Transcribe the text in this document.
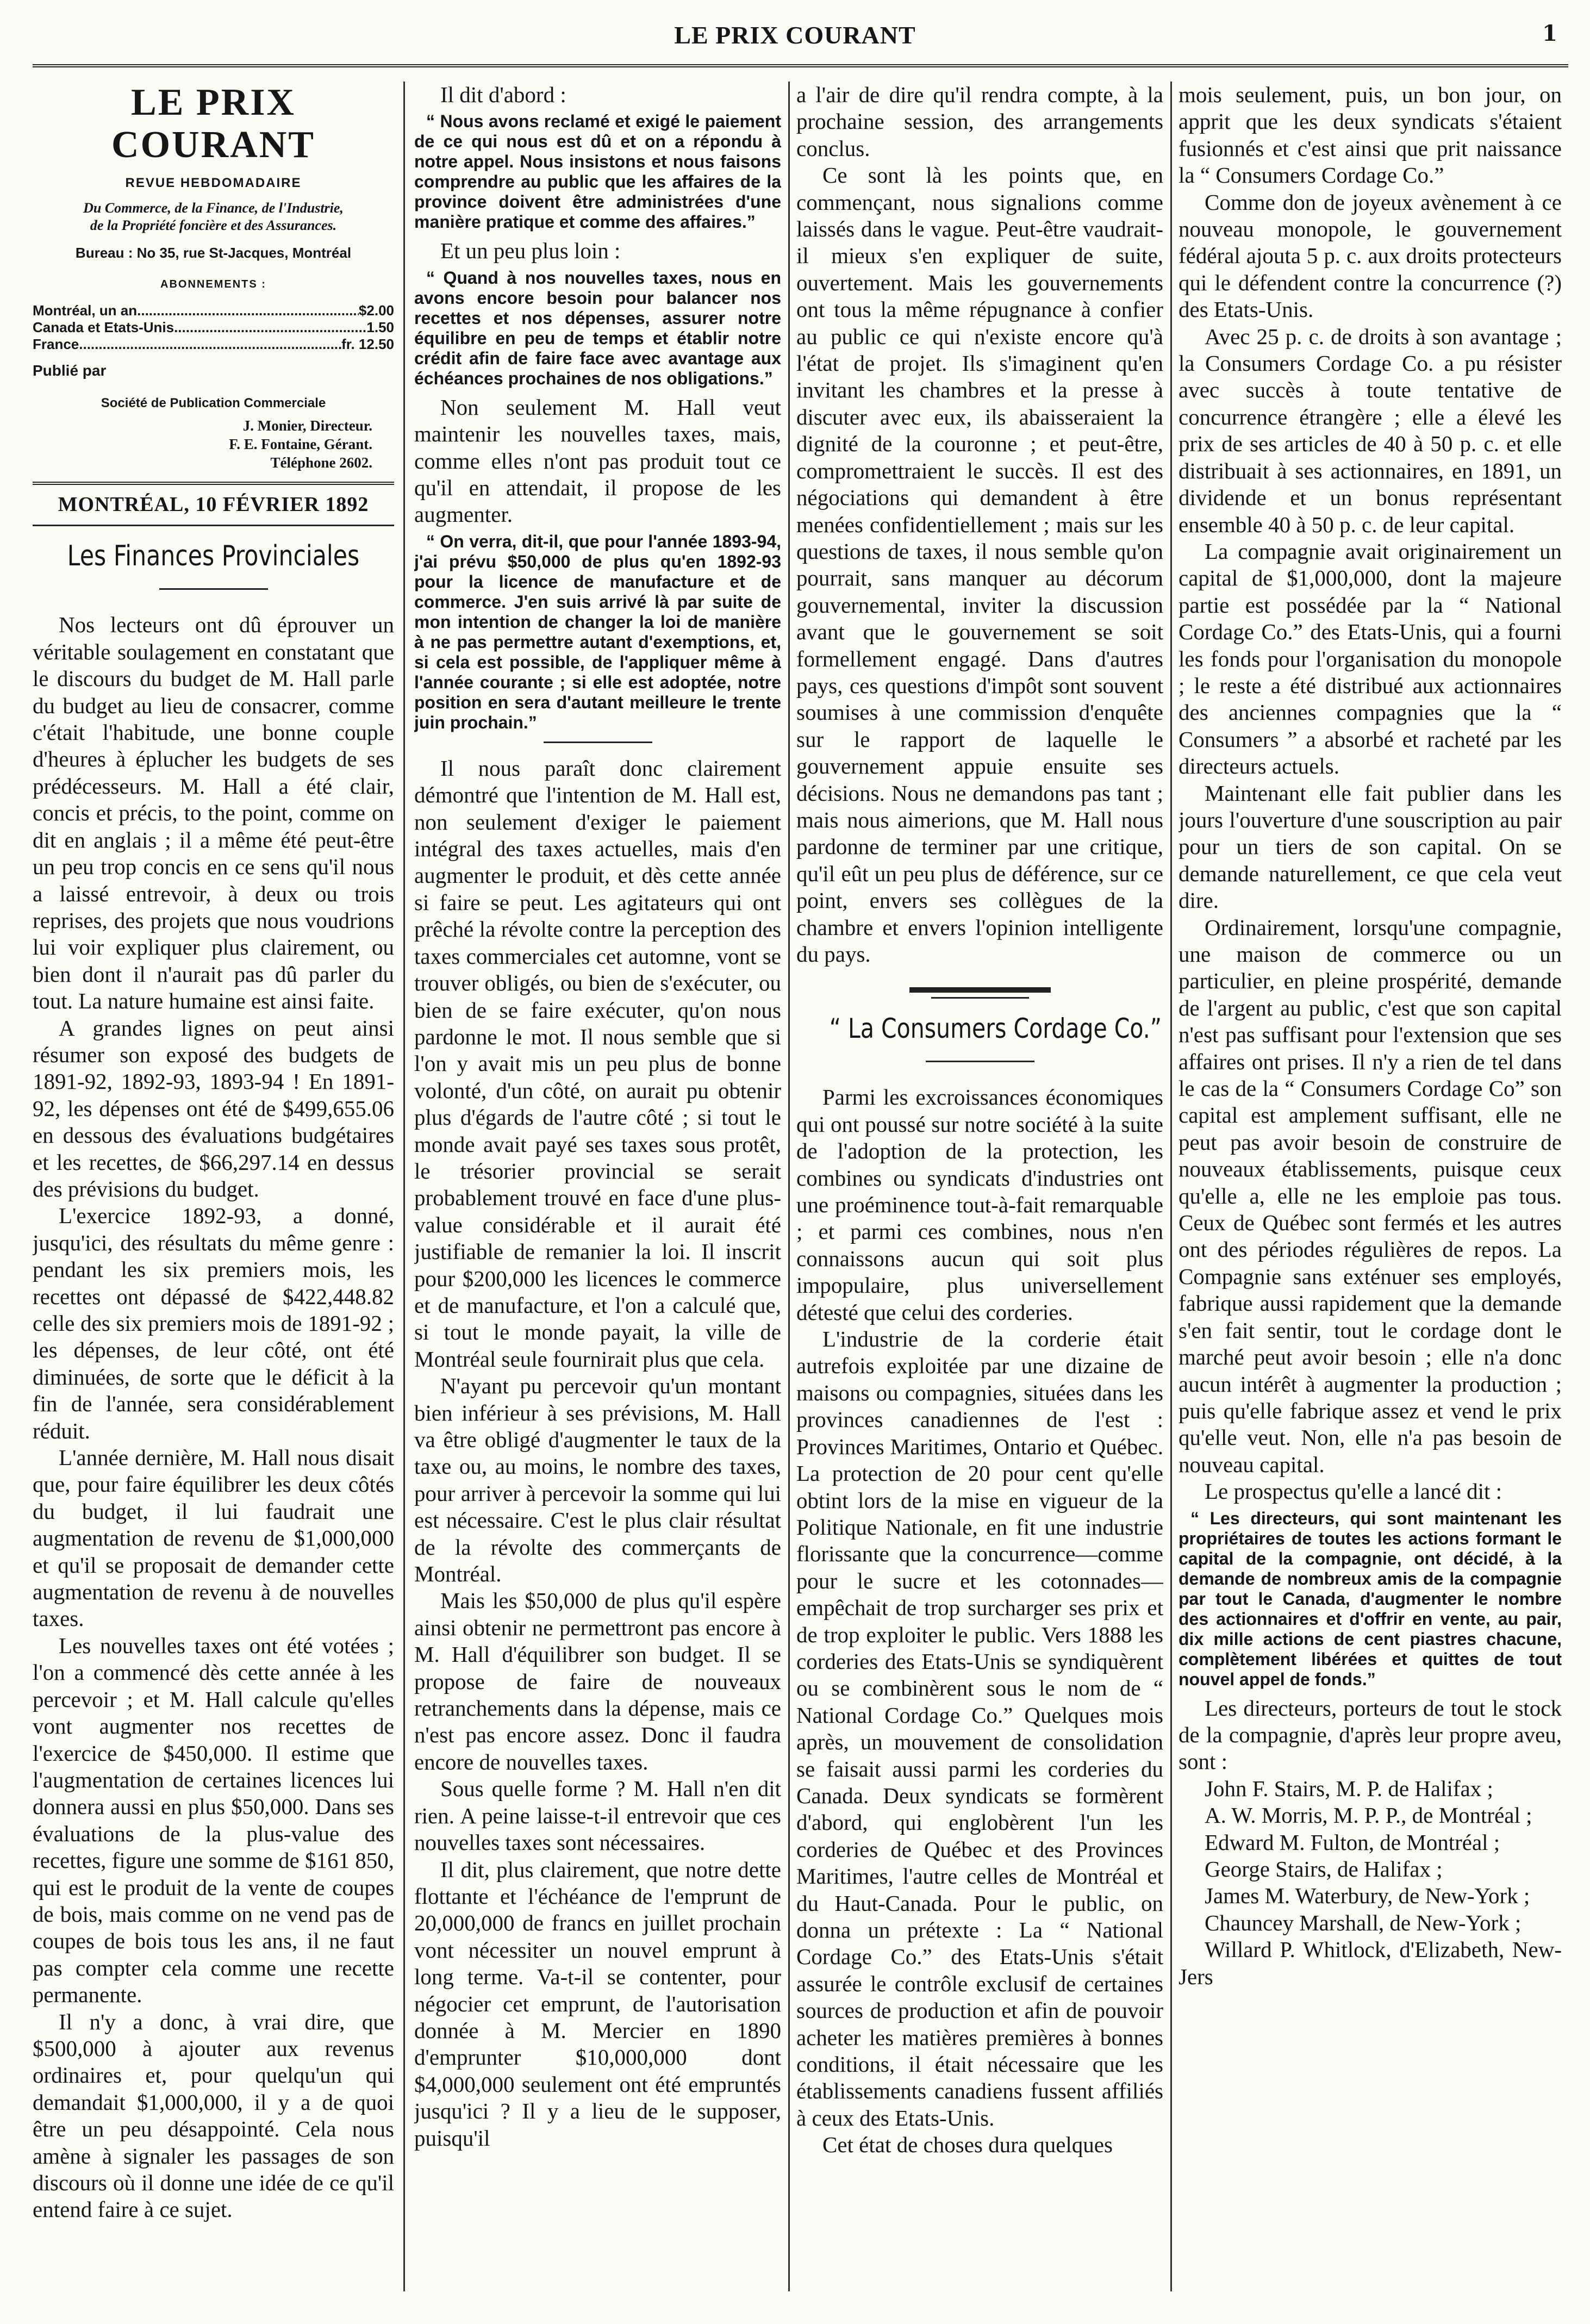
LE PRIX COURANT	1
LE PRIX COURANT
REVUE HEBDOMADAIRE
Du Commerce, de la Finance, de l'Industrie,
de la Propriété foncière et des Assurances.
Bureau : No 35, rue St-Jacques, Montréal
ABONNEMENTS :
Montréal, un an .....	$2.00
Canada et Etats-Unis .....	1.50
France .....	fr. 12.50
Publié par
Société de Publication Commerciale
J. Monier, Directeur.
F. E. Fontaine, Gérant.
Téléphone 2602.
MONTRÉAL, 10 FÉVRIER 1892
Les Finances Provinciales

Nos lecteurs ont dû éprouver un véritable soulagement en constatant que le discours du budget de M. Hall parle du budget au lieu de consacrer, comme c'était l'habitude, une bonne couple d'heures à éplucher les budgets de ses prédécesseurs. M. Hall a été clair, concis et précis, to the point, comme on dit en anglais ; il a même été peut-être un peu trop concis en ce sens qu'il nous a laissé entrevoir, à deux ou trois reprises, des projets que nous voudrions lui voir expliquer plus clairement, ou bien dont il n'aurait pas dû parler du tout. La nature humaine est ainsi faite.

A grandes lignes on peut ainsi résumer son exposé des budgets de 1891-92, 1892-93, 1893-94 ! En 1891-92, les dépenses ont été de $499,655.06 en dessous des évaluations budgétaires et les recettes, de $66,297.14 en dessus des prévisions du budget.

L'exercice 1892-93, a donné, jusqu'ici, des résultats du même genre : pendant les six premiers mois, les recettes ont dépassé de $422,448.82 celle des six premiers mois de 1891-92 ; les dépenses, de leur côté, ont été diminuées, de sorte que le déficit à la fin de l'année, sera considérablement réduit.

L'année dernière, M. Hall nous disait que, pour faire équilibrer les deux côtés du budget, il lui faudrait une augmentation de revenu de $1,000,000 et qu'il se proposait de demander cette augmentation de revenu à de nouvelles taxes.

Les nouvelles taxes ont été votées ; l'on a commencé dès cette année à les percevoir ; et M. Hall calcule qu'elles vont augmenter nos recettes de l'exercice de $450,000. Il estime que l'augmentation de certaines licences lui donnera aussi en plus $50,000. Dans ses évaluations de la plus-value des recettes, figure une somme de $161 850, qui est le produit de la vente de coupes de bois, mais comme on ne vend pas de coupes de bois tous les ans, il ne faut pas compter cela comme une recette permanente.

Il n'y a donc, à vrai dire, que $500,000 à ajouter aux revenus ordinaires et, pour quelqu'un qui demandait $1,000,000, il y a de quoi être un peu désappointé. Cela nous amène à signaler les passages de son discours où il donne une idée de ce qu'il entend faire à ce sujet.

Il dit d'abord :

“ Nous avons reclamé et exigé le paiement de ce qui nous est dû et on a répondu à notre appel. Nous insistons et nous faisons comprendre au public que les affaires de la province doivent être administrées d'une manière pratique et comme des affaires.”

Et un peu plus loin :

“ Quand à nos nouvelles taxes, nous en avons encore besoin pour balancer nos recettes et nos dépenses, assurer notre équilibre en peu de temps et établir notre crédit afin de faire face avec avantage aux échéances prochaines de nos obligations.”

Non seulement M. Hall veut maintenir les nouvelles taxes, mais, comme elles n'ont pas produit tout ce qu'il en attendait, il propose de les augmenter.

“ On verra, dit-il, que pour l'année 1893-94, j'ai prévu $50,000 de plus qu'en 1892-93 pour la licence de manufacture et de commerce. J'en suis arrivé là par suite de mon intention de changer la loi de manière à ne pas permettre autant d'exemptions, et, si cela est possible, de l'appliquer même à l'année courante ; si elle est adoptée, notre position en sera d'autant meilleure le trente juin prochain.”

Il nous paraît donc clairement démontré que l'intention de M. Hall est, non seulement d'exiger le paiement intégral des taxes actuelles, mais d'en augmenter le produit, et dès cette année si faire se peut. Les agitateurs qui ont prêché la révolte contre la perception des taxes commerciales cet automne, vont se trouver obligés, ou bien de s'exécuter, ou bien de se faire exécuter, qu'on nous pardonne le mot. Il nous semble que si l'on y avait mis un peu plus de bonne volonté, d'un côté, on aurait pu obtenir plus d'égards de l'autre côté ; si tout le monde avait payé ses taxes sous protêt, le trésorier provincial se serait probablement trouvé en face d'une plus-value considérable et il aurait été justifiable de remanier la loi. Il inscrit pour $200,000 les licences le commerce et de manufacture, et l'on a calculé que, si tout le monde payait, la ville de Montréal seule fournirait plus que cela.

N'ayant pu percevoir qu'un montant bien inférieur à ses prévisions, M. Hall va être obligé d'augmenter le taux de la taxe ou, au moins, le nombre des taxes, pour arriver à percevoir la somme qui lui est nécessaire. C'est le plus clair résultat de la révolte des commerçants de Montréal.

Mais les $50,000 de plus qu'il espère ainsi obtenir ne permettront pas encore à M. Hall d'équilibrer son budget. Il se propose de faire de nouveaux retranchements dans la dépense, mais ce n'est pas encore assez. Donc il faudra encore de nouvelles taxes.

Sous quelle forme ? M. Hall n'en dit rien. A peine laisse-t-il entrevoir que ces nouvelles taxes sont nécessaires.

Il dit, plus clairement, que notre dette flottante et l'échéance de l'emprunt de 20,000,000 de francs en juillet prochain vont nécessiter un nouvel emprunt à long terme. Va-t-il se contenter, pour négocier cet emprunt, de l'autorisation donnée à M. Mercier en 1890 d'emprunter $10,000,000 dont $4,000,000 seulement ont été empruntés jusqu'ici ? Il y a lieu de le supposer, puisqu'il

a l'air de dire qu'il rendra compte, à la prochaine session, des arrangements conclus.

Ce sont là les points que, en commençant, nous signalions comme laissés dans le vague. Peut-être vaudrait-il mieux s'en expliquer de suite, ouvertement. Mais les gouvernements ont tous la même répugnance à confier au public ce qui n'existe encore qu'à l'état de projet. Ils s'imaginent qu'en invitant les chambres et la presse à discuter avec eux, ils abaisseraient la dignité de la couronne ; et peut-être, compromettraient le succès. Il est des négociations qui demandent à être menées confidentiellement ; mais sur les questions de taxes, il nous semble qu'on pourrait, sans manquer au décorum gouvernemental, inviter la discussion avant que le gouvernement se soit formellement engagé. Dans d'autres pays, ces questions d'impôt sont souvent soumises à une commission d'enquête sur le rapport de laquelle le gouvernement appuie ensuite ses décisions. Nous ne demandons pas tant ; mais nous aimerions, que M. Hall nous pardonne de terminer par une critique, qu'il eût un peu plus de déférence, sur ce point, envers ses collègues de la chambre et envers l'opinion intelligente du pays.

“ La Consumers Cordage Co.”

Parmi les excroissances économiques qui ont poussé sur notre société à la suite de l'adoption de la protection, les combines ou syndicats d'industries ont une proéminence tout-à-fait remarquable ; et parmi ces combines, nous n'en connaissons aucun qui soit plus impopulaire, plus universellement détesté que celui des corderies.

L'industrie de la corderie était autrefois exploitée par une dizaine de maisons ou compagnies, situées dans les provinces canadiennes de l'est : Provinces Maritimes, Ontario et Québec. La protection de 20 pour cent qu'elle obtint lors de la mise en vigueur de la Politique Nationale, en fit une industrie florissante que la concurrence—comme pour le sucre et les cotonnades—empêchait de trop surcharger ses prix et de trop exploiter le public. Vers 1888 les corderies des Etats-Unis se syndiquèrent ou se combinèrent sous le nom de “ National Cordage Co.” Quelques mois après, un mouvement de consolidation se faisait aussi parmi les corderies du Canada. Deux syndicats se formèrent d'abord, qui englobèrent l'un les corderies de Québec et des Provinces Maritimes, l'autre celles de Montréal et du Haut-Canada. Pour le public, on donna un prétexte : La “ National Cordage Co.” des Etats-Unis s'était assurée le contrôle exclusif de certaines sources de production et afin de pouvoir acheter les matières premières à bonnes conditions, il était nécessaire que les établissements canadiens fussent affiliés à ceux des Etats-Unis.

Cet état de choses dura quelques

mois seulement, puis, un bon jour, on apprit que les deux syndicats s'étaient fusionnés et c'est ainsi que prit naissance la “ Consumers Cordage Co.”

Comme don de joyeux avènement à ce nouveau monopole, le gouvernement fédéral ajouta 5 p. c. aux droits protecteurs qui le défendent contre la concurrence (?) des Etats-Unis.

Avec 25 p. c. de droits à son avantage ; la Consumers Cordage Co. a pu résister avec succès à toute tentative de concurrence étrangère ; elle a élevé les prix de ses articles de 40 à 50 p. c. et elle distribuait à ses actionnaires, en 1891, un dividende et un bonus représentant ensemble 40 à 50 p. c. de leur capital.

La compagnie avait originairement un capital de $1,000,000, dont la majeure partie est possédée par la “ National Cordage Co.” des Etats-Unis, qui a fourni les fonds pour l'organisation du monopole ; le reste a été distribué aux actionnaires des anciennes compagnies que la “ Consumers ” a absorbé et racheté par les directeurs actuels.

Maintenant elle fait publier dans les jours l'ouverture d'une souscription au pair pour un tiers de son capital. On se demande naturellement, ce que cela veut dire.

Ordinairement, lorsqu'une compagnie, une maison de commerce ou un particulier, en pleine prospérité, demande de l'argent au public, c'est que son capital n'est pas suffisant pour l'extension que ses affaires ont prises. Il n'y a rien de tel dans le cas de la “ Consumers Cordage Co” son capital est amplement suffisant, elle ne peut pas avoir besoin de construire de nouveaux établissements, puisque ceux qu'elle a, elle ne les emploie pas tous. Ceux de Québec sont fermés et les autres ont des périodes régulières de repos. La Compagnie sans exténuer ses employés, fabrique aussi rapidement que la demande s'en fait sentir, tout le cordage dont le marché peut avoir besoin ; elle n'a donc aucun intérêt à augmenter la production ; puis qu'elle fabrique assez et vend le prix qu'elle veut. Non, elle n'a pas besoin de nouveau capital.

Le prospectus qu'elle a lancé dit :

“ Les directeurs, qui sont maintenant les propriétaires de toutes les actions formant le capital de la compagnie, ont décidé, à la demande de nombreux amis de la compagnie par tout le Canada, d'augmenter le nombre des actionnaires et d'offrir en vente, au pair, dix mille actions de cent piastres chacune, complètement libérées et quittes de tout nouvel appel de fonds.”

Les directeurs, porteurs de tout le stock de la compagnie, d'après leur propre aveu, sont :

John F. Stairs, M. P. de Halifax ;

A. W. Morris, M. P. P., de Montréal ;

Edward M. Fulton, de Montréal ;

George Stairs, de Halifax ;

James M. Waterbury, de New-York ;

Chauncey Marshall, de New-York ;

Willard P. Whitlock, d'Elizabeth, New-Jers
